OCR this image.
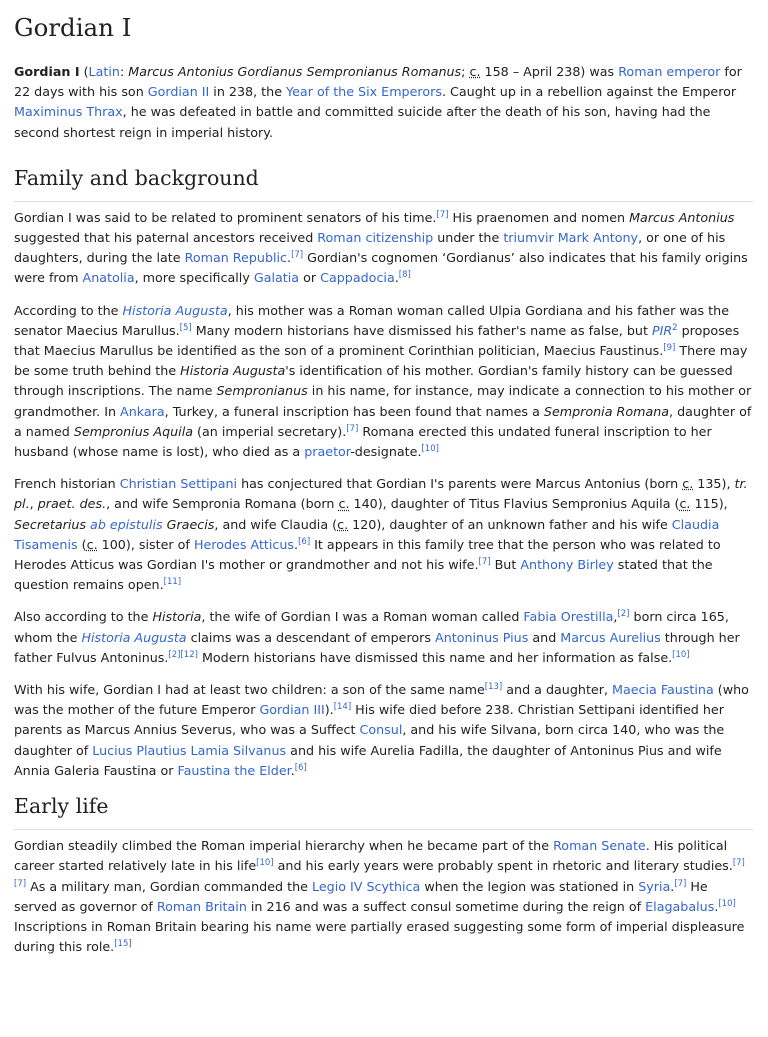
Gordian I

Gordian I (Latin: Marcus Antonius Gordianus Sempronianus Romanus; c. 158 – April 238) was Roman emperor for 22 days with his son Gordian II in 238, the Year of the Six Emperors. Caught up in a rebellion against the Emperor Maximinus Thrax, he was defeated in battle and committed suicide after the death of his son, having had the second shortest reign in imperial history.

Family and background

Gordian I was said to be related to prominent senators of his time.[7] His praenomen and nomen Marcus Antonius suggested that his paternal ancestors received Roman citizenship under the triumvir Mark Antony, or one of his daughters, during the late Roman Republic.[7] Gordian's cognomen ‘Gordianus’ also indicates that his family origins were from Anatolia, more specifically Galatia or Cappadocia.[8]

According to the Historia Augusta, his mother was a Roman woman called Ulpia Gordiana and his father was the senator Maecius Marullus.[5] Many modern historians have dismissed his father's name as false, but PIR$^2$ proposes that Maecius Marullus be identified as the son of a prominent Corinthian politician, Maecius Faustinus.[9] There may be some truth behind the Historia Augusta's identification of his mother. Gordian's family history can be guessed through inscriptions. The name Sempronianus in his name, for instance, may indicate a connection to his mother or grandmother. In Ankara, Turkey, a funeral inscription has been found that names a Sempronia Romana, daughter of a named Sempronius Aquila (an imperial secretary).[7] Romana erected this undated funeral inscription to her husband (whose name is lost), who died as a praetor-designate.[10]

French historian Christian Settipani has conjectured that Gordian I's parents were Marcus Antonius (born c. 135), tr. pl., praet. des., and wife Sempronia Romana (born c. 140), daughter of Titus Flavius Sempronius Aquila (c. 115), Secretarius ab epistulis Graecis, and wife Claudia (c. 120), daughter of an unknown father and his wife Claudia Tisamenis (c. 100), sister of Herodes Atticus.[6] It appears in this family tree that the person who was related to Herodes Atticus was Gordian I's mother or grandmother and not his wife.[7] But Anthony Birley stated that the question remains open.[11]

Also according to the Historia, the wife of Gordian I was a Roman woman called Fabia Orestilla,[2] born circa 165, whom the Historia Augusta claims was a descendant of emperors Antoninus Pius and Marcus Aurelius through her father Fulvus Antoninus.[2][12] Modern historians have dismissed this name and her information as false.[10]

With his wife, Gordian I had at least two children: a son of the same name[13] and a daughter, Maecia Faustina (who was the mother of the future Emperor Gordian III).[14] His wife died before 238. Christian Settipani identified her parents as Marcus Annius Severus, who was a Suffect Consul, and his wife Silvana, born circa 140, who was the daughter of Lucius Plautius Lamia Silvanus and his wife Aurelia Fadilla, the daughter of Antoninus Pius and wife Annia Galeria Faustina or Faustina the Elder.[6]

Early life

Gordian steadily climbed the Roman imperial hierarchy when he became part of the Roman Senate. His political career started relatively late in his life[10] and his early years were probably spent in rhetoric and literary studies.[7][7] As a military man, Gordian commanded the Legio IV Scythica when the legion was stationed in Syria.[7] He served as governor of Roman Britain in 216 and was a suffect consul sometime during the reign of Elagabalus.[10] Inscriptions in Roman Britain bearing his name were partially erased suggesting some form of imperial displeasure during this role.[15]
